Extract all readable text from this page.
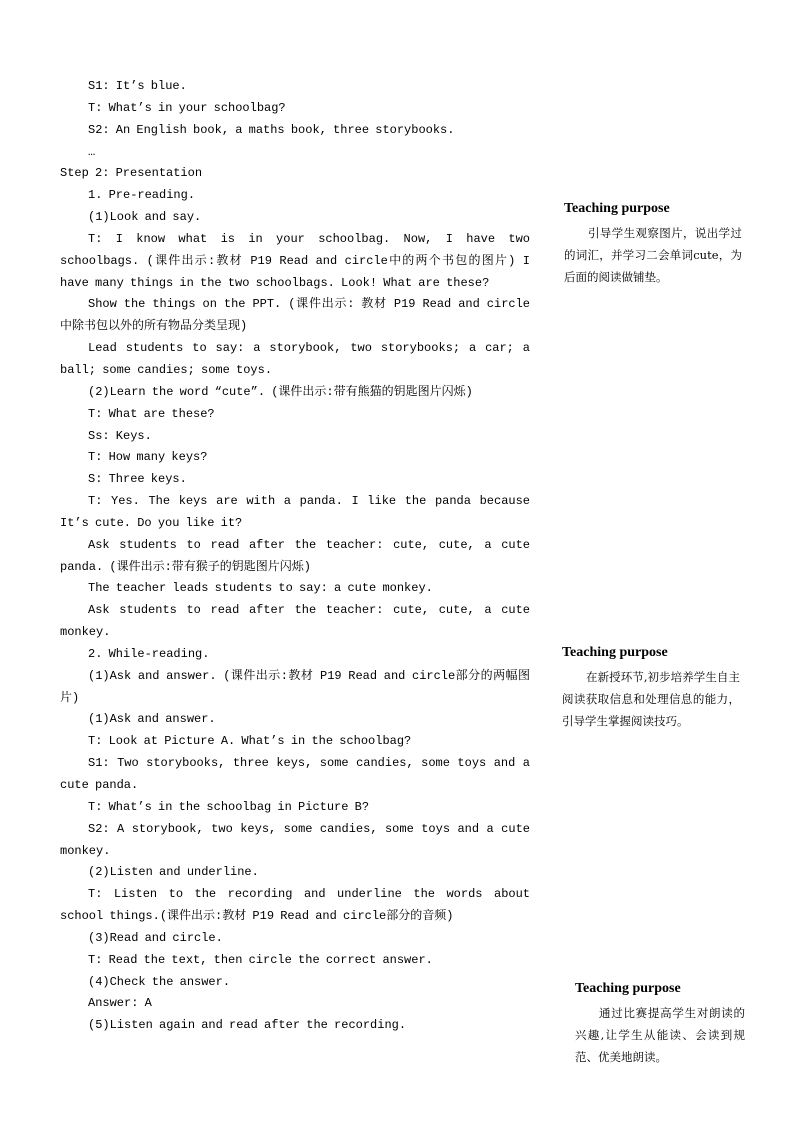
S1: It’s blue.

T: What’s in your schoolbag?

S2: An English book, a maths book, three storybooks.

…

Step 2: Presentation

1. Pre-reading.

(1)Look and say.

T: I know what is in your schoolbag. Now, I have two schoolbags. (课件出示:教材 P19 Read and circle中的两个书包的图片) I have many things in the two schoolbags. Look! What are these?

Show the things on the PPT. (课件出示: 教材 P19 Read and circle 中除书包以外的所有物品分类呈现)

Lead students to say: a storybook, two storybooks; a car; a ball; some candies; some toys.

(2)Learn the word “cute”. (课件出示:带有熊猫的钥匙图片闪烁)

T: What are these?

Ss: Keys.

T: How many keys?

S: Three keys.

T: Yes. The keys are with a panda. I like the panda because It’s cute. Do you like it?

Ask students to read after the teacher: cute, cute, a cute panda. (课件出示:带有猴子的钥匙图片闪烁)

The teacher leads students to say: a cute monkey.

Ask students to read after the teacher: cute, cute, a cute monkey.

2. While-reading.

(1)Ask and answer. (课件出示:教材 P19 Read and circle部分的两幅图片)

(1)Ask and answer.

T: Look at Picture A. What’s in the schoolbag?

S1: Two storybooks, three keys, some candies, some toys and a cute panda.

T: What’s in the schoolbag in Picture B?

S2: A storybook, two keys, some candies, some toys and a cute monkey.

(2)Listen and underline.

T: Listen to the recording and underline the words about school things.(课件出示:教材 P19 Read and circle部分的音频)

(3)Read and circle.

T: Read the text, then circle the correct answer.

(4)Check the answer.

Answer: A

(5)Listen again and read after the recording.

Teaching purpose

引导学生观察图片，说出学过的词汇，并学习二会单词cute，为后面的阅读做铺垫。

Teaching purpose

在新授环节,初步培养学生自主阅读获取信息和处理信息的能力，引导学生掌握阅读技巧。

Teaching purpose

通过比赛提高学生对朗读的兴趣,让学生从能读、会读到规范、优美地朗读。
